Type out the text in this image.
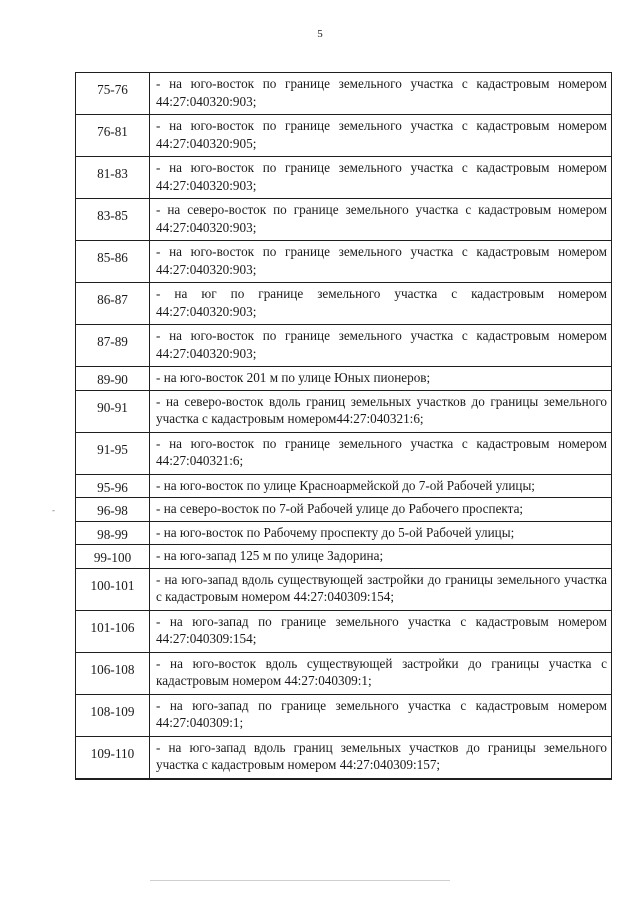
5
-
75-76	- на юго-восток по границе земельного участка с кадастровым номером 44:27:040320:903;
76-81	- на юго-восток по границе земельного участка с кадастровым номером 44:27:040320:905;
81-83	- на юго-восток по границе земельного участка с кадастровым номером 44:27:040320:903;
83-85	- на северо-восток по границе земельного участка с кадастровым номером 44:27:040320:903;
85-86	- на юго-восток по границе земельного участка с кадастровым номером 44:27:040320:903;
86-87	- на юг по границе земельного участка с кадастровым номером 44:27:040320:903;
87-89	- на юго-восток по границе земельного участка с кадастровым номером 44:27:040320:903;
89-90	- на юго-восток 201 м по улице Юных пионеров;
90-91	- на северо-восток вдоль границ земельных участков до границы земельного участка с кадастровым номером44:27:040321:6;
91-95	- на юго-восток по границе земельного участка с кадастровым номером 44:27:040321:6;
95-96	- на юго-восток по улице Красноармейской до 7-ой Рабочей улицы;
96-98	- на северо-восток по 7-ой Рабочей улице до Рабочего проспекта;
98-99	- на юго-восток по Рабочему проспекту до 5-ой Рабочей улицы;
99-100	- на юго-запад 125 м по улице Задорина;
100-101	- на юго-запад вдоль существующей застройки до границы земельного участка с кадастровым номером 44:27:040309:154;
101-106	- на юго-запад по границе земельного участка с кадастровым номером 44:27:040309:154;
106-108	- на юго-восток вдоль существующей застройки до границы участка с кадастровым номером 44:27:040309:1;
108-109	- на юго-запад по границе земельного участка с кадастровым номером 44:27:040309:1;
109-110	- на юго-запад вдоль границ земельных участков до границы земельного участка с кадастровым номером 44:27:040309:157;
